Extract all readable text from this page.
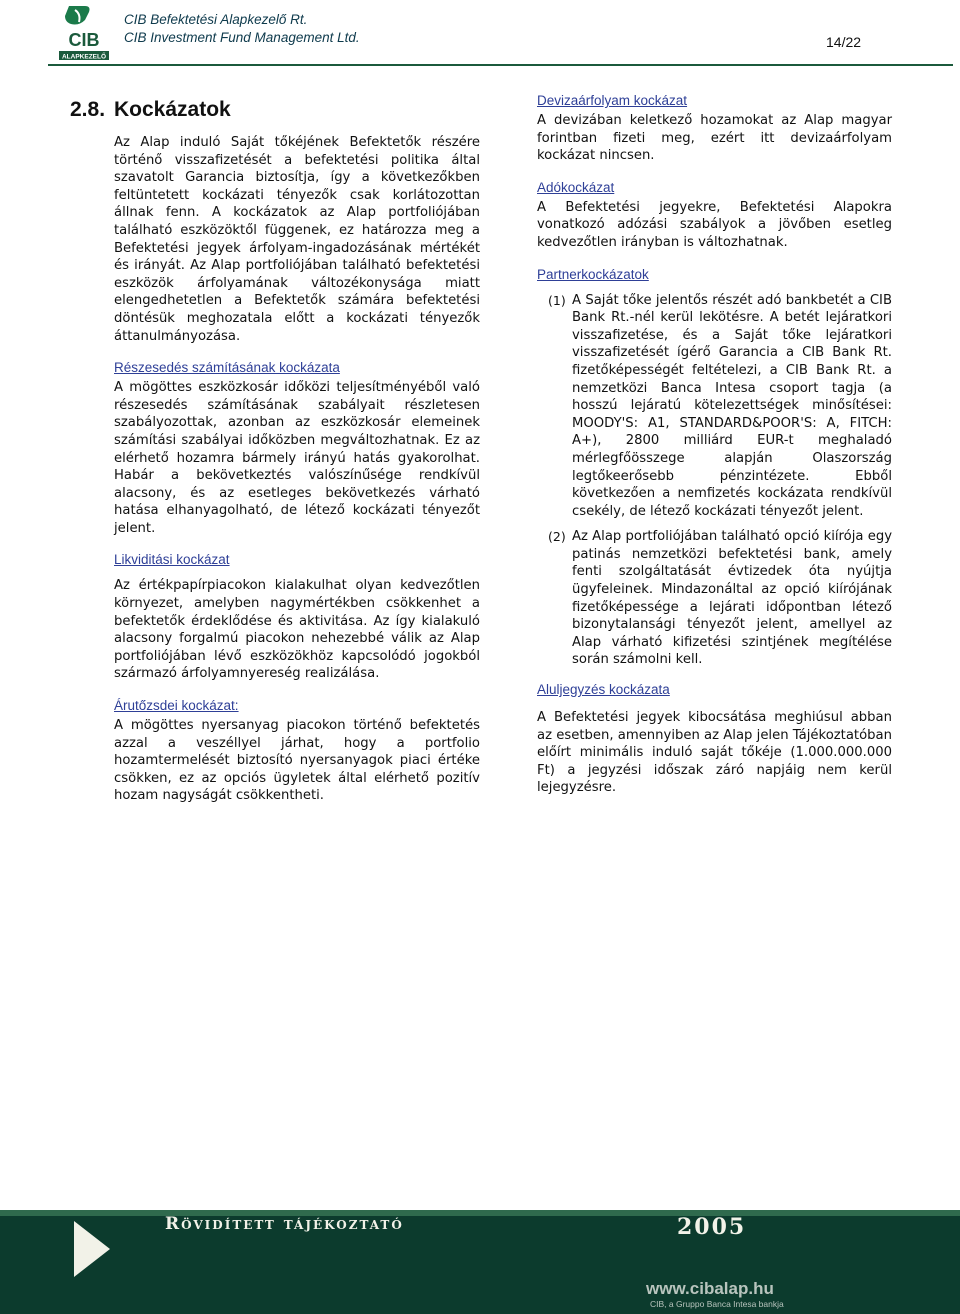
CIB
ALAPKEZELŐ
CIB Befektetési Alapkezelő Rt.
CIB Investment Fund Management Ltd.	14/22
2.8. Kockázatok

Az Alap induló Saját tőkéjének Befektetők részére történő visszafizetését a befektetési politika által szavatolt Garancia biztosítja, így a következőkben feltüntetett kockázati tényezők csak korlátozottan állnak fenn. A kockázatok az Alap portfoliójában található eszközöktől függenek, ez határozza meg a Befektetési jegyek árfolyam-ingadozásának mértékét és irányát. Az Alap portfoliójában található befektetési eszközök árfolyamának változékonysága miatt elengedhetetlen a Befektetők számára befektetési döntésük meghozatala előtt a kockázati tényezők áttanulmányozása.

Részesedés számításának kockázata

A mögöttes eszközkosár időközi teljesítményéből való részesedés számításának szabályait részletesen szabályozottak, azonban az eszközkosár elemeinek számítási szabályai időközben megváltozhatnak. Ez az elérhető hozamra bármely irányú hatás gyakorolhat. Habár a bekövetkeztés valószínűsége rendkívül alacsony, és az esetleges bekövetkezés várható hatása elhanyagolható, de létező kockázati tényezőt jelent.

Likviditási kockázat

Az értékpapírpiacokon kialakulhat olyan kedvezőtlen környezet, amelyben nagymértékben csökkenhet a befektetők érdeklődése és aktivitása. Az így kialakuló alacsony forgalmú piacokon nehezebbé válik az Alap portfoliójában lévő eszközökhöz kapcsolódó jogokból származó árfolyamnyereség realizálása.

Árutőzsdei kockázat:

A mögöttes nyersanyag piacokon történő befektetés azzal a veszéllyel járhat, hogy a portfolio hozamtermelését biztosító nyersanyagok piaci értéke csökken, ez az opciós ügyletek által elérhető pozitív hozam nagyságát csökkentheti.

Devizaárfolyam kockázat

A devizában keletkező hozamokat az Alap magyar forintban fizeti meg, ezért itt devizaárfolyam kockázat nincsen.

Adókockázat

A Befektetési jegyekre, Befektetési Alapokra vonatkozó adózási szabályok a jövőben esetleg kedvezőtlen irányban is változhatnak.

Partnerkockázatok
(1) A Saját tőke jelentős részét adó bankbetét a CIB Bank Rt.-nél kerül lekötésre. A betét lejáratkori visszafizetése, és a Saját tőke lejáratkori visszafizetését ígérő Garancia a CIB Bank Rt. fizetőképességét feltételezi, a CIB Bank Rt. a nemzetközi Banca Intesa csoport tagja (a hosszú lejáratú kötelezettségek minősítései: MOODY'S: A1, STANDARD&POOR'S: A, FITCH: A+), 2800 milliárd EUR-t meghaladó mérlegfőösszege alapján Olaszország legtőkeerősebb pénzintézete. Ebből következően a nemfizetés kockázata rendkívül csekély, de létező kockázati tényezőt jelent.

(2) Az Alap portfoliójában található opció kiírója egy patinás nemzetközi befektetési bank, amely fenti szolgáltatását évtizedek óta nyújtja ügyfeleinek. Mindazonáltal az opció kiírójának fizetőképessége a lejárati időpontban létező bizonytalansági tényezőt jelent, amellyel az Alap várható kifizetési szintjének megítélése során számolni kell.

Aluljegyzés kockázata

A Befektetési jegyek kibocsátása meghiúsul abban az esetben, amennyiben az Alap jelen Tájékoztatóban előírt minimális induló saját tőkéje (1.000.000.000 Ft) a jegyzési időszak záró napjáig nem kerül lejegyzésre.

Rövidített tájékoztató	2005
www.cibalap.hu
CIB, a Gruppo Banca Intesa bankja
